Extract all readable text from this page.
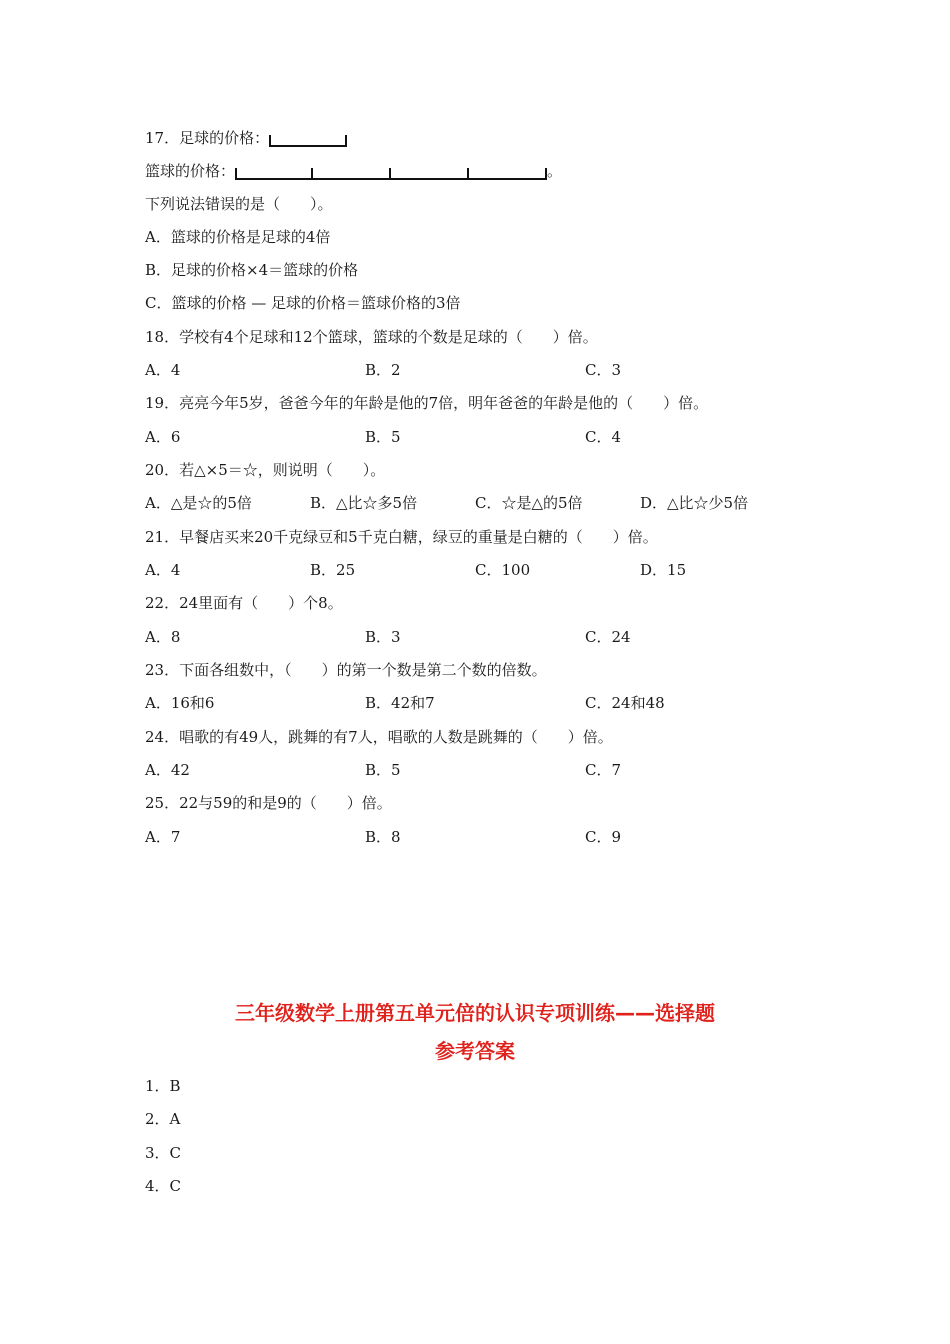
17．足球的价格：
篮球的价格：	。
下列说法错误的是（　　）。
A．篮球的价格是足球的4倍
B．足球的价格×4＝篮球的价格
C．篮球的价格 — 足球的价格＝篮球价格的3倍
18．学校有4个足球和12个篮球，篮球的个数是足球的（　　）倍。
A．4	B．2	C．3
19．亮亮今年5岁，爸爸今年的年龄是他的7倍，明年爸爸的年龄是他的（　　）倍。
A．6	B．5	C．4
20．若△×5＝☆，则说明（　　）。
A．△是☆的5倍	B．△比☆多5倍	C．☆是△的5倍	D．△比☆少5倍
21．早餐店买来20千克绿豆和5千克白糖，绿豆的重量是白糖的（　　）倍。
A．4	B．25	C．100	D．15
22．24里面有（　　）个8。
A．8	B．3	C．24
23．下面各组数中，（　　）的第一个数是第二个数的倍数。
A．16和6	B．42和7	C．24和48
24．唱歌的有49人，跳舞的有7人，唱歌的人数是跳舞的（　　）倍。
A．42	B．5	C．7
25．22与59的和是9的（　　）倍。
A．7	B．8	C．9
三年级数学上册第五单元倍的认识专项训练——选择题
参考答案
1．B
2．A
3．C
4．C
